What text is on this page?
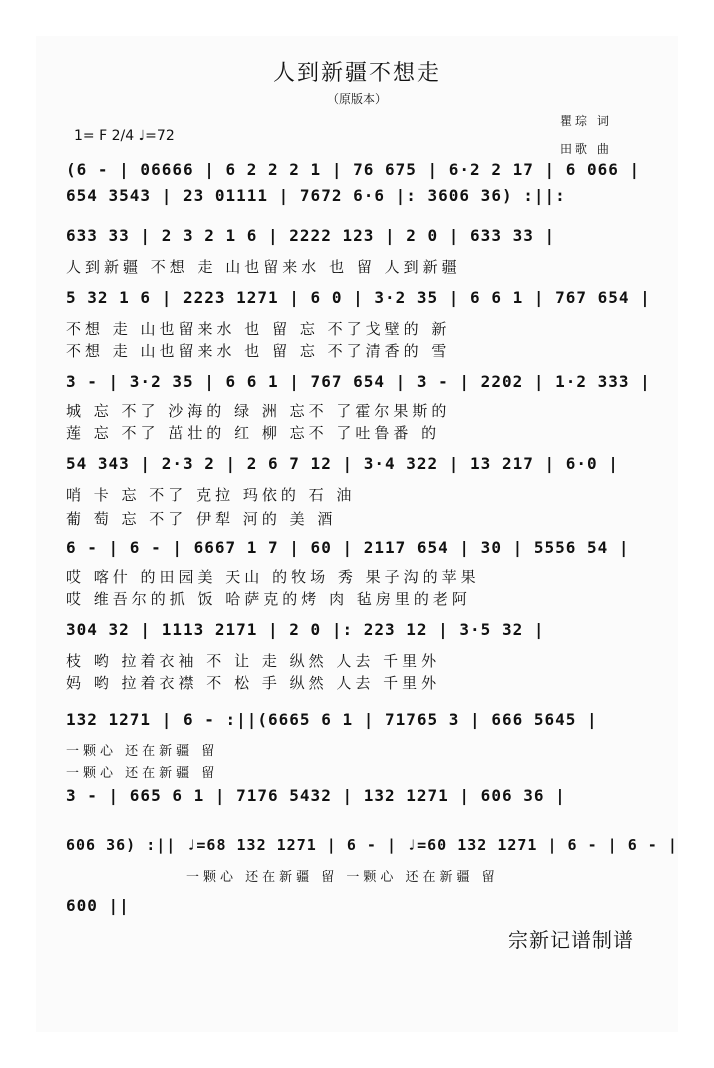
人到新疆不想走
（原版本）
瞿琮 词
田歌 曲
1= F 2/4 ♩=72
(6 - | 06666 | 6 2 2 2 1 | 76 675 | 6·2 2 17 | 6 066 |
654 3543 | 23 01111 | 7672 6·6 |: 3606 36) :||:
633 33 | 2 3 2 1 6 | 2222 123 | 2 0 | 633 33 |
人到新疆 不想 走 山也留来水 也 留 人到新疆
5 32 1 6 | 2223 1271 | 6 0 | 3·2 35 | 6 6 1 | 767 654 |
不想 走 山也留来水 也 留 忘 不了戈壁的 新
不想 走 山也留来水 也 留 忘 不了清香的 雪
3 - | 3·2 35 | 6 6 1 | 767 654 | 3 - | 2202 | 1·2 333 |
城 忘 不了 沙海的 绿 洲 忘不 了霍尔果斯的
莲 忘 不了 茁壮的 红 柳 忘不 了吐鲁番 的
54 343 | 2·3 2 | 2 6 7 12 | 3·4 322 | 13 217 | 6·0 |
哨 卡 忘 不了 克拉 玛依的 石 油
葡 萄 忘 不了 伊犁 河的 美 酒
6 - | 6 - | 6667 1 7 | 60 | 2117 654 | 30 | 5556 54 |
哎 喀什 的田园美 天山 的牧场 秀 果子沟的苹果
哎 维吾尔的抓 饭 哈萨克的烤 肉 毡房里的老阿
304 32 | 1113 2171 | 2 0 |: 223 12 | 3·5 32 |
枝 哟 拉着衣袖 不 让 走 纵然 人去 千里外
妈 哟 拉着衣襟 不 松 手 纵然 人去 千里外
132 1271 | 6 - :||(6665 6 1 | 71765 3 | 666 5645 |
一颗心 还在新疆 留
一颗心 还在新疆 留
3 - | 665 6 1 | 7176 5432 | 132 1271 | 606 36 |
606 36) :|| ♩=68 132 1271 | 6 - | ♩=60 132 1271 | 6 - | 6 - |
一颗心 还在新疆 留 一颗心 还在新疆 留
600 ||
宗新记谱制谱
